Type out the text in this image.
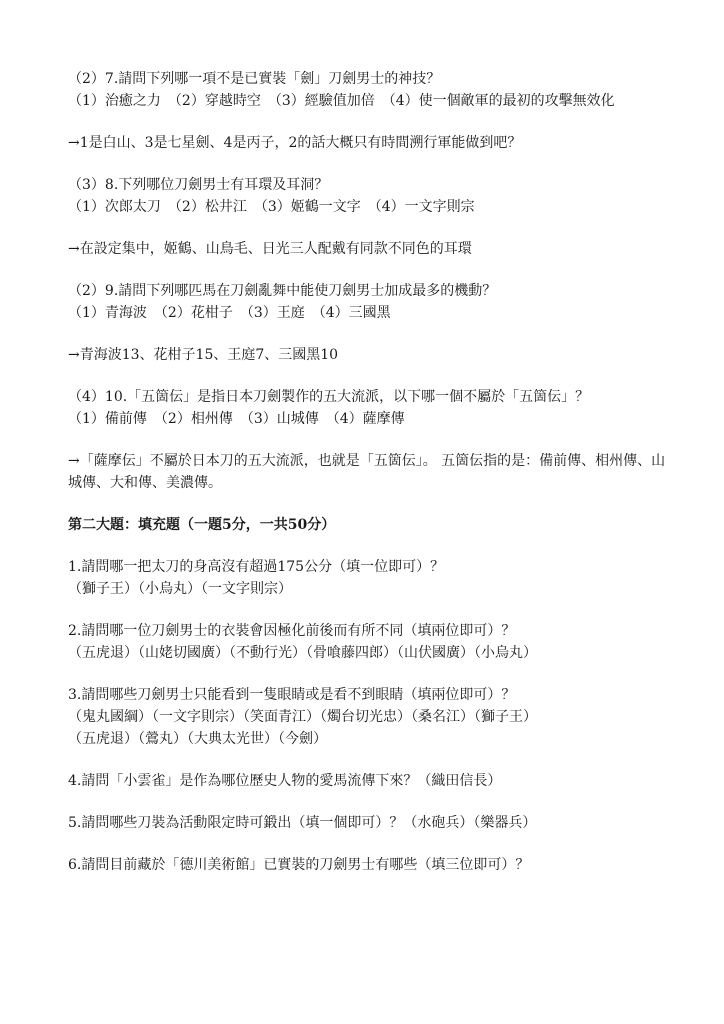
（2）7.請問下列哪一項不是已實裝「劍」刀劍男士的神技？

（1）治癒之力　（2）穿越時空　（3）經驗值加倍　（4）使一個敵軍的最初的攻擊無效化

→1是白山、3是七星劍、4是丙子，2的話大概只有時間溯行軍能做到吧？

（3）8.下列哪位刀劍男士有耳環及耳洞？

（1）次郎太刀　（2）松井江　（3）姬鶴一文字　（4）一文字則宗

→在設定集中，姬鶴、山鳥毛、日光三人配戴有同款不同色的耳環

（2）9.請問下列哪匹馬在刀劍亂舞中能使刀劍男士加成最多的機動？

（1）青海波　（2）花柑子　（3）王庭　（4）三國黑

→青海波13、花柑子15、王庭7、三國黑10

（4）10.「五箇伝」是指日本刀劍製作的五大流派，以下哪一個不屬於「五箇伝」？

（1）備前傳　（2）相州傳　（3）山城傳　（4）薩摩傳

→「薩摩伝」不屬於日本刀的五大流派，也就是「五箇伝」。 五箇伝指的是：備前傳、相州傳、山城傳、大和傳、美濃傳。

第二大題：填充題（一題5分，一共50分）

1.請問哪一把太刀的身高沒有超過175公分（填一位即可）？

（獅子王）（小烏丸）（一文字則宗）

2.請問哪一位刀劍男士的衣裝會因極化前後而有所不同（填兩位即可）？

（五虎退）（山姥切國廣）（不動行光）（骨喰藤四郎）（山伏國廣）（小烏丸）

3.請問哪些刀劍男士只能看到一隻眼睛或是看不到眼睛（填兩位即可）？

（鬼丸國綱）（一文字則宗）（笑面青江）（燭台切光忠）（桑名江）（獅子王）

（五虎退）（鶯丸）（大典太光世）（今劍）

4.請問「小雲雀」是作為哪位歷史人物的愛馬流傳下來？（織田信長）

5.請問哪些刀裝為活動限定時可鍛出（填一個即可）？（水砲兵）（樂器兵）

6.請問目前藏於「德川美術館」已實裝的刀劍男士有哪些（填三位即可）？
